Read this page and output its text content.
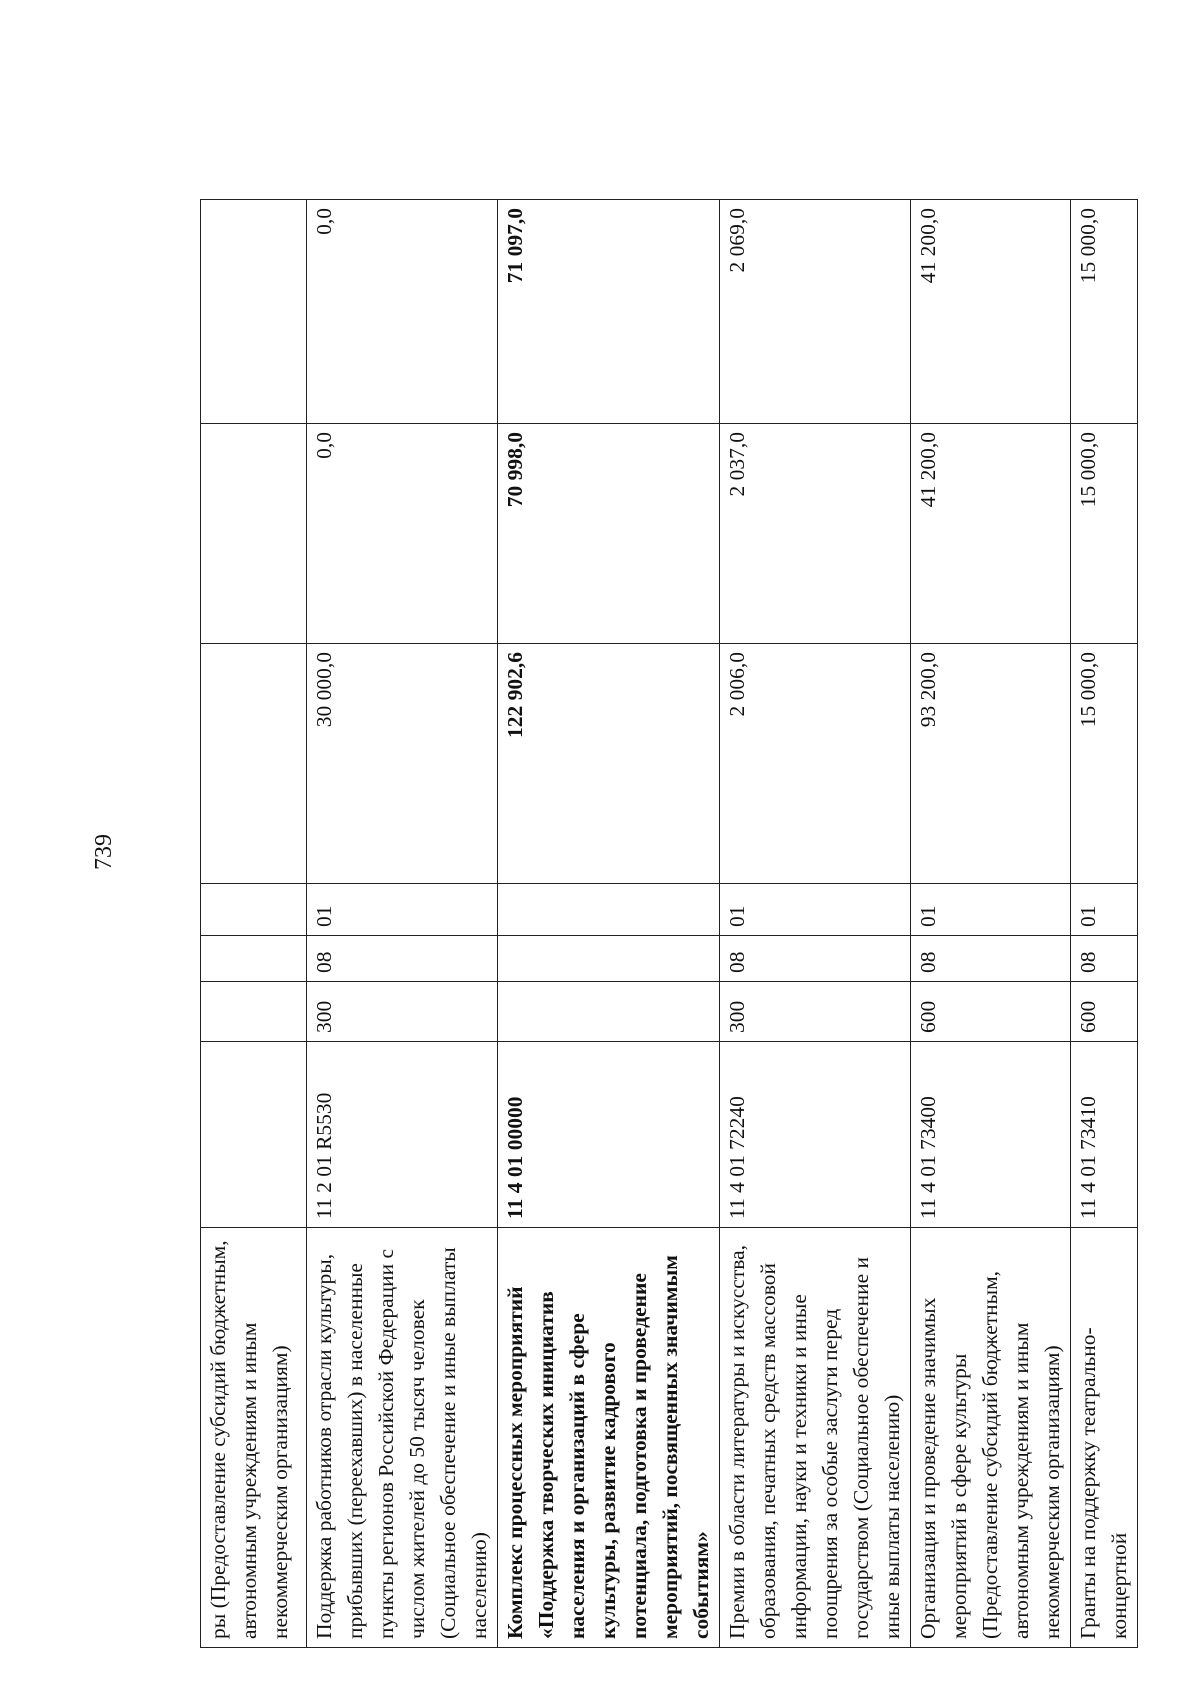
739
ры (Предоставление субсидий бюджетным, автономным учреждениям и иным некоммерческим организациям)							
Поддержка работников отрасли культуры, прибывших (переехавших) в населенные пункты регионов Российской Федерации с числом жителей до 50 тысяч человек (Социальное обеспечение и иные выплаты населению)	11 2 01 R5530	300	08	01	30 000,0	0,0	0,0
Комплекс процессных мероприятий «Поддержка творческих инициатив населения и организаций в сфере культуры, развитие кадрового потенциала, подготовка и проведение мероприятий, посвященных значимым событиям»	11 4 01 00000				122 902,6	70 998,0	71 097,0
Премии в области литературы и искусства, образования, печатных средств массовой информации, науки и техники и иные поощрения за особые заслуги перед государством (Социальное обеспечение и иные выплаты населению)	11 4 01 72240	300	08	01	2 006,0	2 037,0	2 069,0
Организация и проведение значимых мероприятий в сфере культуры (Предоставление субсидий бюджетным, автономным учреждениям и иным некоммерческим организациям)	11 4 01 73400	600	08	01	93 200,0	41 200,0	41 200,0
Гранты на поддержку театрально-концертной	11 4 01 73410	600	08	01	15 000,0	15 000,0	15 000,0
